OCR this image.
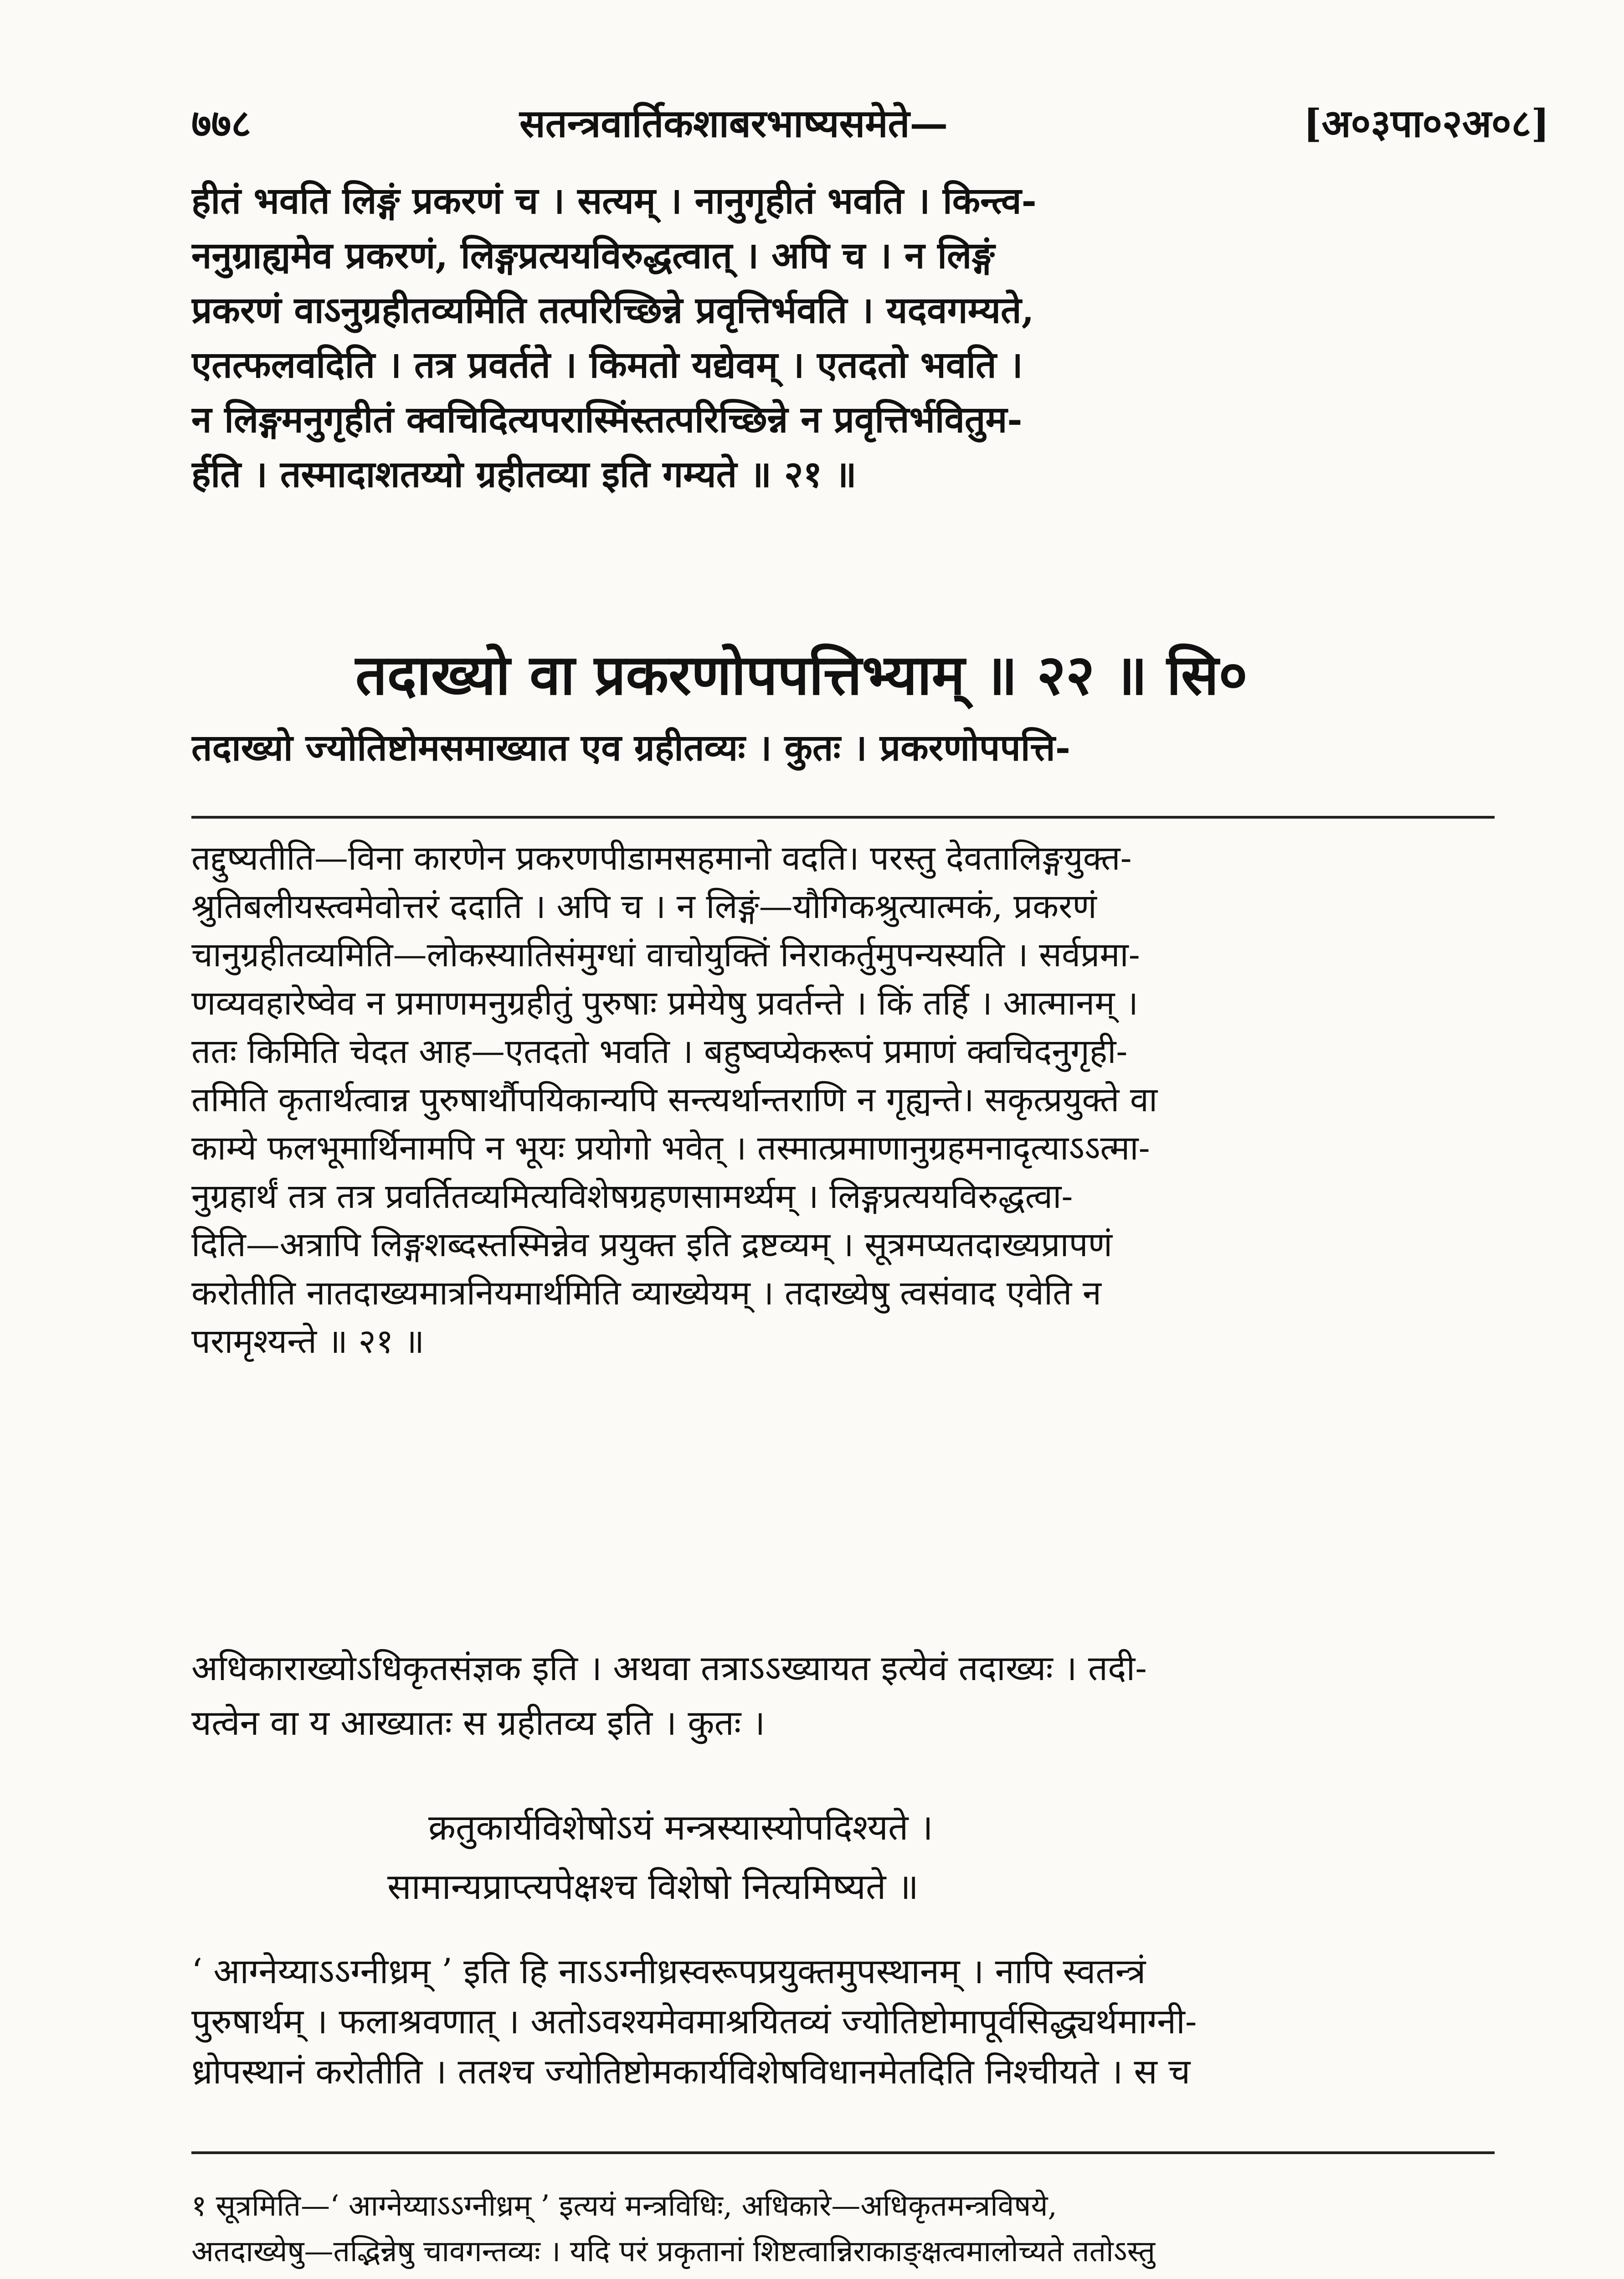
७७८	सतन्त्रवार्तिकशाबरभाष्यसमेते—	[अ०३पा०२अ०८]
हीतं भवति लिङ्गं प्रकरणं च । सत्यम् । नानुगृहीतं भवति । किन्त्व-
ननुग्राह्यमेव प्रकरणं, लिङ्गप्रत्ययविरुद्धत्वात् । अपि च । न लिङ्गं
प्रकरणं वाऽनुग्रहीतव्यमिति तत्परिच्छिन्ने प्रवृत्तिर्भवति । यदवगम्यते,
एतत्फलवदिति । तत्र प्रवर्तते । किमतो यद्येवम् । एतदतो भवति ।
न लिङ्गमनुगृहीतं क्वचिदित्यपरास्मिंस्तत्परिच्छिन्ने न प्रवृत्तिर्भवितुम-
र्हति । तस्मादाशतय्यो ग्रहीतव्या इति गम्यते ॥ २१ ॥
तदाख्यो वा प्रकरणोपपत्तिभ्याम् ॥ २२ ॥ सि०
तदाख्यो ज्योतिष्टोमसमाख्यात एव ग्रहीतव्यः । कुतः । प्रकरणोपपत्ति-
तद्दुष्यतीति—विना कारणेन प्रकरणपीडामसहमानो वदति। परस्तु देवतालिङ्गयुक्त-
श्रुतिबलीयस्त्वमेवोत्तरं ददाति । अपि च । न लिङ्गं—यौगिकश्रुत्यात्मकं, प्रकरणं
चानुग्रहीतव्यमिति—लोकस्यातिसंमुग्धां वाचोयुक्तिं निराकर्तुमुपन्यस्यति । सर्वप्रमा-
णव्यवहारेष्वेव न प्रमाणमनुग्रहीतुं पुरुषाः प्रमेयेषु प्रवर्तन्ते । किं तर्हि । आत्मानम् ।
ततः किमिति चेदत आह—एतदतो भवति । बहुष्वप्येकरूपं प्रमाणं क्वचिदनुगृही-
तमिति कृतार्थत्वान्न पुरुषार्थौपयिकान्यपि सन्त्यर्थान्तराणि न गृह्यन्ते। सकृत्प्रयुक्ते वा
काम्ये फलभूमार्थिनामपि न भूयः प्रयोगो भवेत् । तस्मात्प्रमाणानुग्रहमनादृत्याऽऽत्मा-
नुग्रहार्थं तत्र तत्र प्रवर्तितव्यमित्यविशेषग्रहणसामर्थ्यम् । लिङ्गप्रत्ययविरुद्धत्वा-
दिति—अत्रापि लिङ्गशब्दस्तस्मिन्नेव प्रयुक्त इति द्रष्टव्यम् । सूत्रमप्यतदाख्यप्रापणं
करोतीति नातदाख्यमात्रनियमार्थमिति व्याख्येयम् । तदाख्येषु त्वसंवाद एवेति न
परामृश्यन्ते ॥ २१ ॥
अधिकाराख्योऽधिकृतसंज्ञक इति । अथवा तत्राऽऽख्यायत इत्येवं तदाख्यः । तदी-
यत्वेन वा य आख्यातः स ग्रहीतव्य इति । कुतः ।
क्रतुकार्यविशेषोऽयं मन्त्रस्यास्योपदिश्यते ।
सामान्यप्राप्त्यपेक्षश्च विशेषो नित्यमिष्यते ॥
‘ आग्नेय्याऽऽग्नीध्रम् ’ इति हि नाऽऽग्नीध्रस्वरूपप्रयुक्तमुपस्थानम् । नापि स्वतन्त्रं
पुरुषार्थम् । फलाश्रवणात् । अतोऽवश्यमेवमाश्रयितव्यं ज्योतिष्टोमापूर्वसिद्ध्यर्थमाग्नी-
ध्रोपस्थानं करोतीति । ततश्च ज्योतिष्टोमकार्यविशेषविधानमेतदिति निश्चीयते । स च
१ सूत्रमिति—‘ आग्नेय्याऽऽग्नीध्रम् ’ इत्ययं मन्त्रविधिः, अधिकारे—अधिकृतमन्त्रविषये,
अतदाख्येषु—तद्भिन्नेषु चावगन्तव्यः । यदि परं प्रकृतानां शिष्टत्वान्निराकाङ्क्षत्वमालोच्यते ततोऽस्तु
